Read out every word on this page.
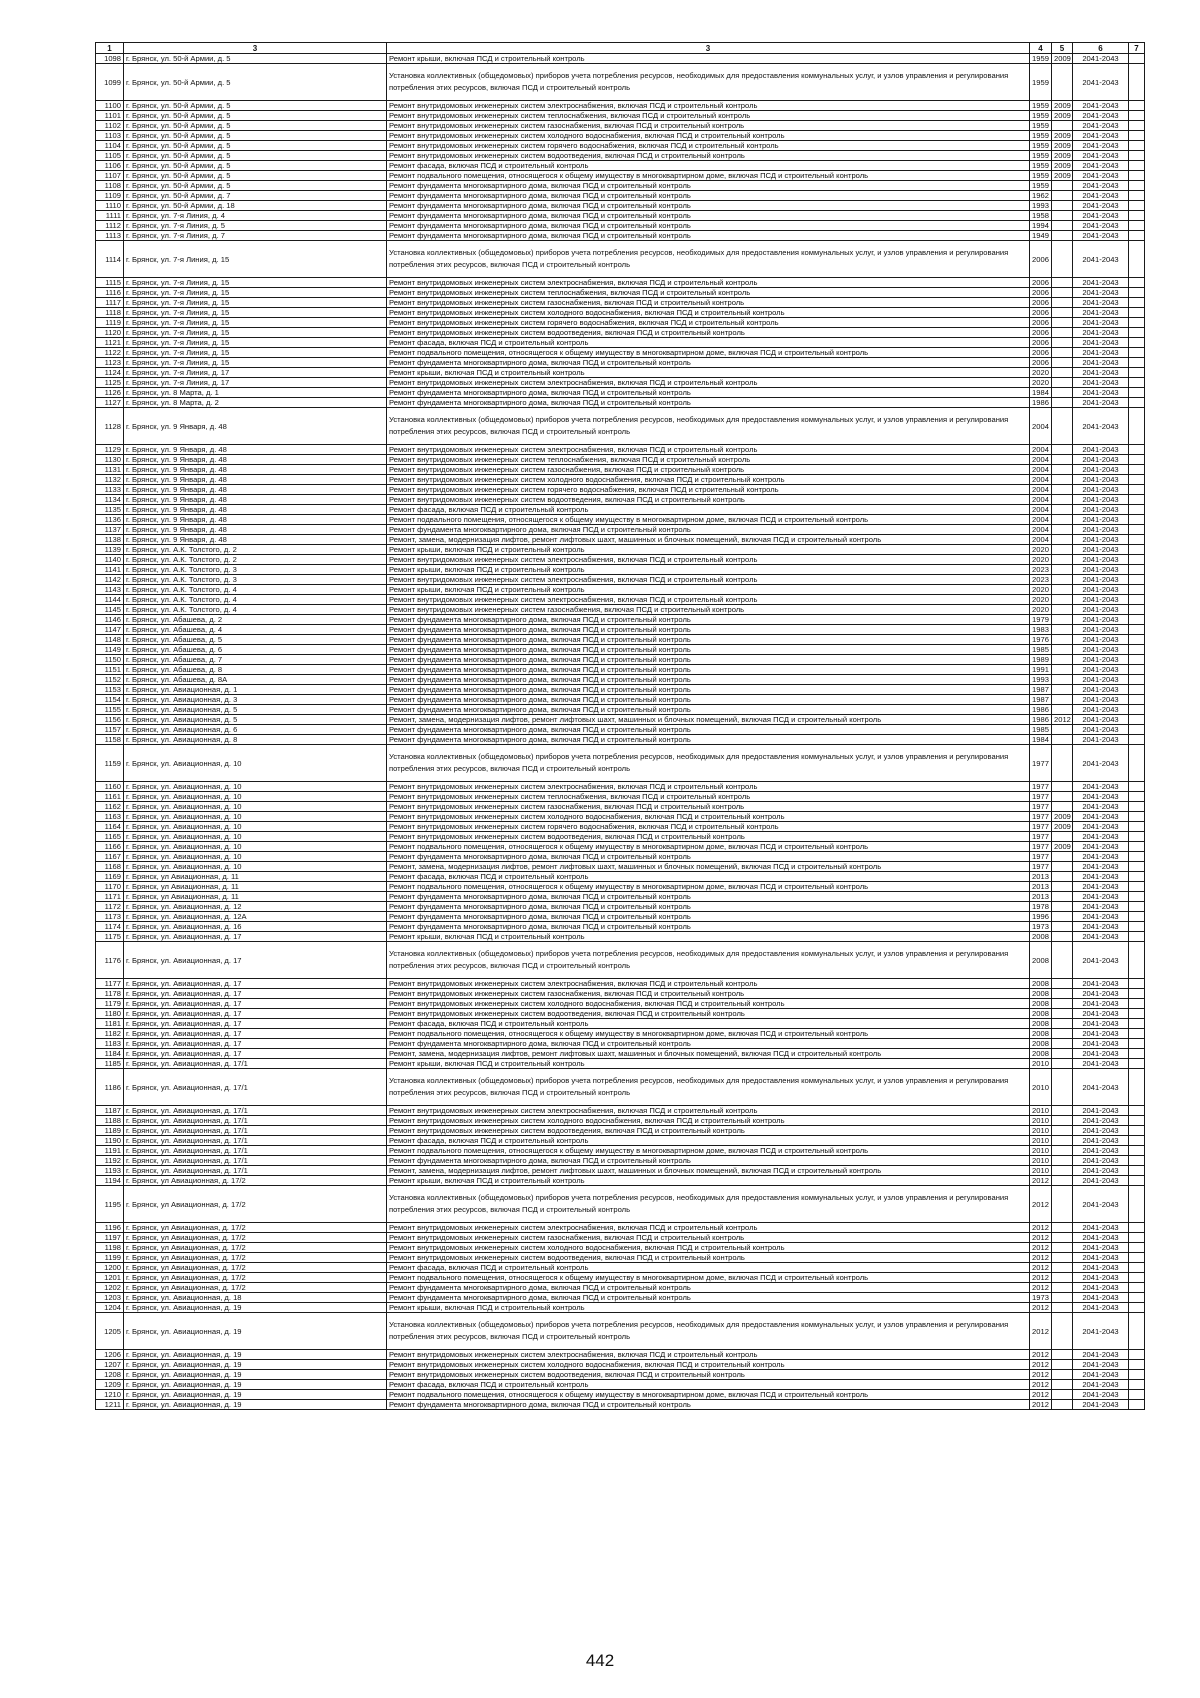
1	3	3	4	5	6	7
1098	г. Брянск, ул. 50-й Армии, д. 5	Ремонт крыши, включая ПСД и строительный контроль	1959	2009	2041-2043	
1099	г. Брянск, ул. 50-й Армии, д. 5	Установка коллективных (общедомовых) приборов учета потребления ресурсов, необходимых для предоставления коммунальных услуг, и узлов управления и регулирования потребления этих ресурсов, включая ПСД и строительный контроль	1959		2041-2043	
1100	г. Брянск, ул. 50-й Армии, д. 5	Ремонт внутридомовых инженерных систем электроснабжения, включая ПСД и строительный контроль	1959	2009	2041-2043	
1101	г. Брянск, ул. 50-й Армии, д. 5	Ремонт внутридомовых инженерных систем теплоснабжения, включая ПСД и строительный контроль	1959	2009	2041-2043	
1102	г. Брянск, ул. 50-й Армии, д. 5	Ремонт внутридомовых инженерных систем газоснабжения, включая ПСД и строительный контроль	1959		2041-2043	
1103	г. Брянск, ул. 50-й Армии, д. 5	Ремонт внутридомовых инженерных систем холодного водоснабжения, включая ПСД и строительный контроль	1959	2009	2041-2043	
1104	г. Брянск, ул. 50-й Армии, д. 5	Ремонт внутридомовых инженерных систем горячего водоснабжения, включая ПСД и строительный контроль	1959	2009	2041-2043	
1105	г. Брянск, ул. 50-й Армии, д. 5	Ремонт внутридомовых инженерных систем водоотведения, включая ПСД и строительный контроль	1959	2009	2041-2043	
1106	г. Брянск, ул. 50-й Армии, д. 5	Ремонт фасада, включая ПСД и строительный контроль	1959	2009	2041-2043	
1107	г. Брянск, ул. 50-й Армии, д. 5	Ремонт подвального помещения, относящегося к общему имуществу в многоквартирном доме, включая ПСД и строительный контроль	1959	2009	2041-2043	
1108	г. Брянск, ул. 50-й Армии, д. 5	Ремонт фундамента многоквартирного дома, включая ПСД и строительный контроль	1959		2041-2043	
1109	г. Брянск, ул. 50-й Армии, д. 7	Ремонт фундамента многоквартирного дома, включая ПСД и строительный контроль	1962		2041-2043	
1110	г. Брянск, ул. 50-й Армии, д. 18	Ремонт фундамента многоквартирного дома, включая ПСД и строительный контроль	1993		2041-2043	
1111	г. Брянск, ул. 7-я Линия, д. 4	Ремонт фундамента многоквартирного дома, включая ПСД и строительный контроль	1958		2041-2043	
1112	г. Брянск, ул. 7-я Линия, д. 5	Ремонт фундамента многоквартирного дома, включая ПСД и строительный контроль	1994		2041-2043	
1113	г. Брянск, ул. 7-я Линия, д. 7	Ремонт фундамента многоквартирного дома, включая ПСД и строительный контроль	1949		2041-2043	
1114	г. Брянск, ул. 7-я Линия, д. 15	Установка коллективных (общедомовых) приборов учета потребления ресурсов, необходимых для предоставления коммунальных услуг, и узлов управления и регулирования потребления этих ресурсов, включая ПСД и строительный контроль	2006		2041-2043	
1115	г. Брянск, ул. 7-я Линия, д. 15	Ремонт внутридомовых инженерных систем электроснабжения, включая ПСД и строительный контроль	2006		2041-2043	
1116	г. Брянск, ул. 7-я Линия, д. 15	Ремонт внутридомовых инженерных систем теплоснабжения, включая ПСД и строительный контроль	2006		2041-2043	
1117	г. Брянск, ул. 7-я Линия, д. 15	Ремонт внутридомовых инженерных систем газоснабжения, включая ПСД и строительный контроль	2006		2041-2043	
1118	г. Брянск, ул. 7-я Линия, д. 15	Ремонт внутридомовых инженерных систем холодного водоснабжения, включая ПСД и строительный контроль	2006		2041-2043	
1119	г. Брянск, ул. 7-я Линия, д. 15	Ремонт внутридомовых инженерных систем горячего водоснабжения, включая ПСД и строительный контроль	2006		2041-2043	
1120	г. Брянск, ул. 7-я Линия, д. 15	Ремонт внутридомовых инженерных систем водоотведения, включая ПСД и строительный контроль	2006		2041-2043	
1121	г. Брянск, ул. 7-я Линия, д. 15	Ремонт фасада, включая ПСД и строительный контроль	2006		2041-2043	
1122	г. Брянск, ул. 7-я Линия, д. 15	Ремонт подвального помещения, относящегося к общему имуществу в многоквартирном доме, включая ПСД и строительный контроль	2006		2041-2043	
1123	г. Брянск, ул. 7-я Линия, д. 15	Ремонт фундамента многоквартирного дома, включая ПСД и строительный контроль	2006		2041-2043	
1124	г. Брянск, ул. 7-я Линия, д. 17	Ремонт крыши, включая ПСД и строительный контроль	2020		2041-2043	
1125	г. Брянск, ул. 7-я Линия, д. 17	Ремонт внутридомовых инженерных систем электроснабжения, включая ПСД и строительный контроль	2020		2041-2043	
1126	г. Брянск, ул. 8 Марта, д. 1	Ремонт фундамента многоквартирного дома, включая ПСД и строительный контроль	1984		2041-2043	
1127	г. Брянск, ул. 8 Марта, д. 2	Ремонт фундамента многоквартирного дома, включая ПСД и строительный контроль	1986		2041-2043	
1128	г. Брянск, ул. 9 Января, д. 48	Установка коллективных (общедомовых) приборов учета потребления ресурсов, необходимых для предоставления коммунальных услуг, и узлов управления и регулирования потребления этих ресурсов, включая ПСД и строительный контроль	2004		2041-2043	
1129	г. Брянск, ул. 9 Января, д. 48	Ремонт внутридомовых инженерных систем электроснабжения, включая ПСД и строительный контроль	2004		2041-2043	
1130	г. Брянск, ул. 9 Января, д. 48	Ремонт внутридомовых инженерных систем теплоснабжения, включая ПСД и строительный контроль	2004		2041-2043	
1131	г. Брянск, ул. 9 Января, д. 48	Ремонт внутридомовых инженерных систем газоснабжения, включая ПСД и строительный контроль	2004		2041-2043	
1132	г. Брянск, ул. 9 Января, д. 48	Ремонт внутридомовых инженерных систем холодного водоснабжения, включая ПСД и строительный контроль	2004		2041-2043	
1133	г. Брянск, ул. 9 Января, д. 48	Ремонт внутридомовых инженерных систем горячего водоснабжения, включая ПСД и строительный контроль	2004		2041-2043	
1134	г. Брянск, ул. 9 Января, д. 48	Ремонт внутридомовых инженерных систем водоотведения, включая ПСД и строительный контроль	2004		2041-2043	
1135	г. Брянск, ул. 9 Января, д. 48	Ремонт фасада, включая ПСД и строительный контроль	2004		2041-2043	
1136	г. Брянск, ул. 9 Января, д. 48	Ремонт подвального помещения, относящегося к общему имуществу в многоквартирном доме, включая ПСД и строительный контроль	2004		2041-2043	
1137	г. Брянск, ул. 9 Января, д. 48	Ремонт фундамента многоквартирного дома, включая ПСД и строительный контроль	2004		2041-2043	
1138	г. Брянск, ул. 9 Января, д. 48	Ремонт, замена, модернизация лифтов, ремонт лифтовых шахт, машинных и блочных помещений, включая ПСД и строительный контроль	2004		2041-2043	
1139	г. Брянск, ул. А.К. Толстого, д. 2	Ремонт крыши, включая ПСД и строительный контроль	2020		2041-2043	
1140	г. Брянск, ул. А.К. Толстого, д. 2	Ремонт внутридомовых инженерных систем электроснабжения, включая ПСД и строительный контроль	2020		2041-2043	
1141	г. Брянск, ул. А.К. Толстого, д. 3	Ремонт крыши, включая ПСД и строительный контроль	2023		2041-2043	
1142	г. Брянск, ул. А.К. Толстого, д. 3	Ремонт внутридомовых инженерных систем электроснабжения, включая ПСД и строительный контроль	2023		2041-2043	
1143	г. Брянск, ул. А.К. Толстого, д. 4	Ремонт крыши, включая ПСД и строительный контроль	2020		2041-2043	
1144	г. Брянск, ул. А.К. Толстого, д. 4	Ремонт внутридомовых инженерных систем электроснабжения, включая ПСД и строительный контроль	2020		2041-2043	
1145	г. Брянск, ул. А.К. Толстого, д. 4	Ремонт внутридомовых инженерных систем газоснабжения, включая ПСД и строительный контроль	2020		2041-2043	
1146	г. Брянск, ул. Абашева, д. 2	Ремонт фундамента многоквартирного дома, включая ПСД и строительный контроль	1979		2041-2043	
1147	г. Брянск, ул. Абашева, д. 4	Ремонт фундамента многоквартирного дома, включая ПСД и строительный контроль	1983		2041-2043	
1148	г. Брянск, ул. Абашева, д. 5	Ремонт фундамента многоквартирного дома, включая ПСД и строительный контроль	1976		2041-2043	
1149	г. Брянск, ул. Абашева, д. 6	Ремонт фундамента многоквартирного дома, включая ПСД и строительный контроль	1985		2041-2043	
1150	г. Брянск, ул. Абашева, д. 7	Ремонт фундамента многоквартирного дома, включая ПСД и строительный контроль	1989		2041-2043	
1151	г. Брянск, ул. Абашева, д. 8	Ремонт фундамента многоквартирного дома, включая ПСД и строительный контроль	1991		2041-2043	
1152	г. Брянск, ул. Абашева, д. 8А	Ремонт фундамента многоквартирного дома, включая ПСД и строительный контроль	1993		2041-2043	
1153	г. Брянск, ул. Авиационная, д. 1	Ремонт фундамента многоквартирного дома, включая ПСД и строительный контроль	1987		2041-2043	
1154	г. Брянск, ул. Авиационная, д. 3	Ремонт фундамента многоквартирного дома, включая ПСД и строительный контроль	1987		2041-2043	
1155	г. Брянск, ул. Авиационная, д. 5	Ремонт фундамента многоквартирного дома, включая ПСД и строительный контроль	1986		2041-2043	
1156	г. Брянск, ул. Авиационная, д. 5	Ремонт, замена, модернизация лифтов, ремонт лифтовых шахт, машинных и блочных помещений, включая ПСД и строительный контроль	1986	2012	2041-2043	
1157	г. Брянск, ул. Авиационная, д. 6	Ремонт фундамента многоквартирного дома, включая ПСД и строительный контроль	1985		2041-2043	
1158	г. Брянск, ул. Авиационная, д. 8	Ремонт фундамента многоквартирного дома, включая ПСД и строительный контроль	1984		2041-2043	
1159	г. Брянск, ул. Авиационная, д. 10	Установка коллективных (общедомовых) приборов учета потребления ресурсов, необходимых для предоставления коммунальных услуг, и узлов управления и регулирования потребления этих ресурсов, включая ПСД и строительный контроль	1977		2041-2043	
1160	г. Брянск, ул. Авиационная, д. 10	Ремонт внутридомовых инженерных систем электроснабжения, включая ПСД и строительный контроль	1977		2041-2043	
1161	г. Брянск, ул. Авиационная, д. 10	Ремонт внутридомовых инженерных систем теплоснабжения, включая ПСД и строительный контроль	1977		2041-2043	
1162	г. Брянск, ул. Авиационная, д. 10	Ремонт внутридомовых инженерных систем газоснабжения, включая ПСД и строительный контроль	1977		2041-2043	
1163	г. Брянск, ул. Авиационная, д. 10	Ремонт внутридомовых инженерных систем холодного водоснабжения, включая ПСД и строительный контроль	1977	2009	2041-2043	
1164	г. Брянск, ул. Авиационная, д. 10	Ремонт внутридомовых инженерных систем горячего водоснабжения, включая ПСД и строительный контроль	1977	2009	2041-2043	
1165	г. Брянск, ул. Авиационная, д. 10	Ремонт внутридомовых инженерных систем водоотведения, включая ПСД и строительный контроль	1977		2041-2043	
1166	г. Брянск, ул. Авиационная, д. 10	Ремонт подвального помещения, относящегося к общему имуществу в многоквартирном доме, включая ПСД и строительный контроль	1977	2009	2041-2043	
1167	г. Брянск, ул. Авиационная, д. 10	Ремонт фундамента многоквартирного дома, включая ПСД и строительный контроль	1977		2041-2043	
1168	г. Брянск, ул. Авиационная, д. 10	Ремонт, замена, модернизация лифтов, ремонт лифтовых шахт, машинных и блочных помещений, включая ПСД и строительный контроль	1977		2041-2043	
1169	г. Брянск, ул Авиационная, д. 11	Ремонт фасада, включая ПСД и строительный контроль	2013		2041-2043	
1170	г. Брянск, ул Авиационная, д. 11	Ремонт подвального помещения, относящегося к общему имуществу в многоквартирном доме, включая ПСД и строительный контроль	2013		2041-2043	
1171	г. Брянск, ул Авиационная, д. 11	Ремонт фундамента многоквартирного дома, включая ПСД и строительный контроль	2013		2041-2043	
1172	г. Брянск, ул. Авиационная, д. 12	Ремонт фундамента многоквартирного дома, включая ПСД и строительный контроль	1978		2041-2043	
1173	г. Брянск, ул. Авиационная, д. 12А	Ремонт фундамента многоквартирного дома, включая ПСД и строительный контроль	1996		2041-2043	
1174	г. Брянск, ул. Авиационная, д. 16	Ремонт фундамента многоквартирного дома, включая ПСД и строительный контроль	1973		2041-2043	
1175	г. Брянск, ул. Авиационная, д. 17	Ремонт крыши, включая ПСД и строительный контроль	2008		2041-2043	
1176	г. Брянск, ул. Авиационная, д. 17	Установка коллективных (общедомовых) приборов учета потребления ресурсов, необходимых для предоставления коммунальных услуг, и узлов управления и регулирования потребления этих ресурсов, включая ПСД и строительный контроль	2008		2041-2043	
1177	г. Брянск, ул. Авиационная, д. 17	Ремонт внутридомовых инженерных систем электроснабжения, включая ПСД и строительный контроль	2008		2041-2043	
1178	г. Брянск, ул. Авиационная, д. 17	Ремонт внутридомовых инженерных систем газоснабжения, включая ПСД и строительный контроль	2008		2041-2043	
1179	г. Брянск, ул. Авиационная, д. 17	Ремонт внутридомовых инженерных систем холодного водоснабжения, включая ПСД и строительный контроль	2008		2041-2043	
1180	г. Брянск, ул. Авиационная, д. 17	Ремонт внутридомовых инженерных систем водоотведения, включая ПСД и строительный контроль	2008		2041-2043	
1181	г. Брянск, ул. Авиационная, д. 17	Ремонт фасада, включая ПСД и строительный контроль	2008		2041-2043	
1182	г. Брянск, ул. Авиационная, д. 17	Ремонт подвального помещения, относящегося к общему имуществу в многоквартирном доме, включая ПСД и строительный контроль	2008		2041-2043	
1183	г. Брянск, ул. Авиационная, д. 17	Ремонт фундамента многоквартирного дома, включая ПСД и строительный контроль	2008		2041-2043	
1184	г. Брянск, ул. Авиационная, д. 17	Ремонт, замена, модернизация лифтов, ремонт лифтовых шахт, машинных и блочных помещений, включая ПСД и строительный контроль	2008		2041-2043	
1185	г. Брянск, ул. Авиационная, д. 17/1	Ремонт крыши, включая ПСД и строительный контроль	2010		2041-2043	
1186	г. Брянск, ул. Авиационная, д. 17/1	Установка коллективных (общедомовых) приборов учета потребления ресурсов, необходимых для предоставления коммунальных услуг, и узлов управления и регулирования потребления этих ресурсов, включая ПСД и строительный контроль	2010		2041-2043	
1187	г. Брянск, ул. Авиационная, д. 17/1	Ремонт внутридомовых инженерных систем электроснабжения, включая ПСД и строительный контроль	2010		2041-2043	
1188	г. Брянск, ул. Авиационная, д. 17/1	Ремонт внутридомовых инженерных систем холодного водоснабжения, включая ПСД и строительный контроль	2010		2041-2043	
1189	г. Брянск, ул. Авиационная, д. 17/1	Ремонт внутридомовых инженерных систем водоотведения, включая ПСД и строительный контроль	2010		2041-2043	
1190	г. Брянск, ул. Авиационная, д. 17/1	Ремонт фасада, включая ПСД и строительный контроль	2010		2041-2043	
1191	г. Брянск, ул. Авиационная, д. 17/1	Ремонт подвального помещения, относящегося к общему имуществу в многоквартирном доме, включая ПСД и строительный контроль	2010		2041-2043	
1192	г. Брянск, ул. Авиационная, д. 17/1	Ремонт фундамента многоквартирного дома, включая ПСД и строительный контроль	2010		2041-2043	
1193	г. Брянск, ул. Авиационная, д. 17/1	Ремонт, замена, модернизация лифтов, ремонт лифтовых шахт, машинных и блочных помещений, включая ПСД и строительный контроль	2010		2041-2043	
1194	г. Брянск, ул Авиационная, д. 17/2	Ремонт крыши, включая ПСД и строительный контроль	2012		2041-2043	
1195	г. Брянск, ул Авиационная, д. 17/2	Установка коллективных (общедомовых) приборов учета потребления ресурсов, необходимых для предоставления коммунальных услуг, и узлов управления и регулирования потребления этих ресурсов, включая ПСД и строительный контроль	2012		2041-2043	
1196	г. Брянск, ул Авиационная, д. 17/2	Ремонт внутридомовых инженерных систем электроснабжения, включая ПСД и строительный контроль	2012		2041-2043	
1197	г. Брянск, ул Авиационная, д. 17/2	Ремонт внутридомовых инженерных систем газоснабжения, включая ПСД и строительный контроль	2012		2041-2043	
1198	г. Брянск, ул Авиационная, д. 17/2	Ремонт внутридомовых инженерных систем холодного водоснабжения, включая ПСД и строительный контроль	2012		2041-2043	
1199	г. Брянск, ул Авиационная, д. 17/2	Ремонт внутридомовых инженерных систем водоотведения, включая ПСД и строительный контроль	2012		2041-2043	
1200	г. Брянск, ул Авиационная, д. 17/2	Ремонт фасада, включая ПСД и строительный контроль	2012		2041-2043	
1201	г. Брянск, ул Авиационная, д. 17/2	Ремонт подвального помещения, относящегося к общему имуществу в многоквартирном доме, включая ПСД и строительный контроль	2012		2041-2043	
1202	г. Брянск, ул Авиационная, д. 17/2	Ремонт фундамента многоквартирного дома, включая ПСД и строительный контроль	2012		2041-2043	
1203	г. Брянск, ул. Авиационная, д. 18	Ремонт фундамента многоквартирного дома, включая ПСД и строительный контроль	1973		2041-2043	
1204	г. Брянск, ул. Авиационная, д. 19	Ремонт крыши, включая ПСД и строительный контроль	2012		2041-2043	
1205	г. Брянск, ул. Авиационная, д. 19	Установка коллективных (общедомовых) приборов учета потребления ресурсов, необходимых для предоставления коммунальных услуг, и узлов управления и регулирования потребления этих ресурсов, включая ПСД и строительный контроль	2012		2041-2043	
1206	г. Брянск, ул. Авиационная, д. 19	Ремонт внутридомовых инженерных систем электроснабжения, включая ПСД и строительный контроль	2012		2041-2043	
1207	г. Брянск, ул. Авиационная, д. 19	Ремонт внутридомовых инженерных систем холодного водоснабжения, включая ПСД и строительный контроль	2012		2041-2043	
1208	г. Брянск, ул. Авиационная, д. 19	Ремонт внутридомовых инженерных систем водоотведения, включая ПСД и строительный контроль	2012		2041-2043	
1209	г. Брянск, ул. Авиационная, д. 19	Ремонт фасада, включая ПСД и строительный контроль	2012		2041-2043	
1210	г. Брянск, ул. Авиационная, д. 19	Ремонт подвального помещения, относящегося к общему имуществу в многоквартирном доме, включая ПСД и строительный контроль	2012		2041-2043	
1211	г. Брянск, ул. Авиационная, д. 19	Ремонт фундамента многоквартирного дома, включая ПСД и строительный контроль	2012		2041-2043	
442
